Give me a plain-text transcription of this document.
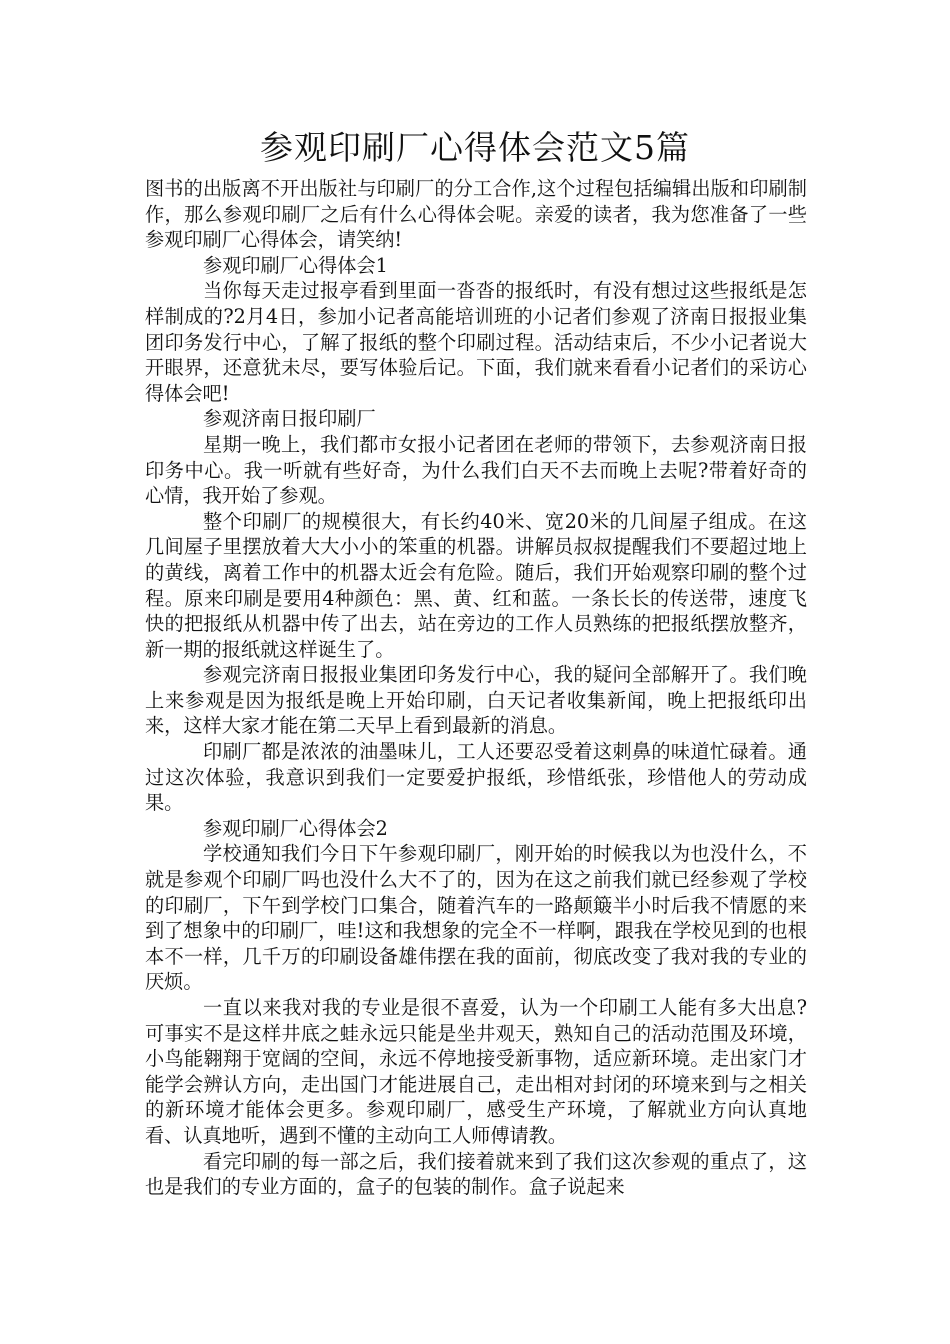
参观印刷厂心得体会范文5篇

图书的出版离不开出版社与印刷厂的分工合作,这个过程包括编辑出版和印刷制作，那么参观印刷厂之后有什么心得体会呢。亲爱的读者，我为您准备了一些参观印刷厂心得体会，请笑纳!

参观印刷厂心得体会1

当你每天走过报亭看到里面一沓沓的报纸时，有没有想过这些报纸是怎样制成的?2月4日，参加小记者高能培训班的小记者们参观了济南日报报业集团印务发行中心，了解了报纸的整个印刷过程。活动结束后，不少小记者说大开眼界，还意犹未尽，要写体验后记。下面，我们就来看看小记者们的采访心得体会吧!

参观济南日报印刷厂

星期一晚上，我们都市女报小记者团在老师的带领下，去参观济南日报印务中心。我一听就有些好奇，为什么我们白天不去而晚上去呢?带着好奇的心情，我开始了参观。

整个印刷厂的规模很大，有长约40米、宽20米的几间屋子组成。在这几间屋子里摆放着大大小小的笨重的机器。讲解员叔叔提醒我们不要超过地上的黄线，离着工作中的机器太近会有危险。随后，我们开始观察印刷的整个过程。原来印刷是要用4种颜色：黑、黄、红和蓝。一条长长的传送带，速度飞快的把报纸从机器中传了出去，站在旁边的工作人员熟练的把报纸摆放整齐，新一期的报纸就这样诞生了。

参观完济南日报报业集团印务发行中心，我的疑问全部解开了。我们晚上来参观是因为报纸是晚上开始印刷，白天记者收集新闻，晚上把报纸印出来，这样大家才能在第二天早上看到最新的消息。

印刷厂都是浓浓的油墨味儿，工人还要忍受着这刺鼻的味道忙碌着。通过这次体验，我意识到我们一定要爱护报纸，珍惜纸张，珍惜他人的劳动成果。

参观印刷厂心得体会2

学校通知我们今日下午参观印刷厂，刚开始的时候我以为也没什么，不就是参观个印刷厂吗也没什么大不了的，因为在这之前我们就已经参观了学校的印刷厂，下午到学校门口集合，随着汽车的一路颠簸半小时后我不情愿的来到了想象中的印刷厂，哇!这和我想象的完全不一样啊，跟我在学校见到的也根本不一样，几千万的印刷设备雄伟摆在我的面前，彻底改变了我对我的专业的厌烦。

一直以来我对我的专业是很不喜爱，认为一个印刷工人能有多大出息?可事实不是这样井底之蛙永远只能是坐井观天，熟知自己的活动范围及环境，小鸟能翱翔于宽阔的空间，永远不停地接受新事物，适应新环境。走出家门才能学会辨认方向，走出国门才能进展自己，走出相对封闭的环境来到与之相关的新环境才能体会更多。参观印刷厂，感受生产环境，了解就业方向认真地看、认真地听，遇到不懂的主动向工人师傅请教。

看完印刷的每一部之后，我们接着就来到了我们这次参观的重点了，这也是我们的专业方面的，盒子的包装的制作。盒子说起来
